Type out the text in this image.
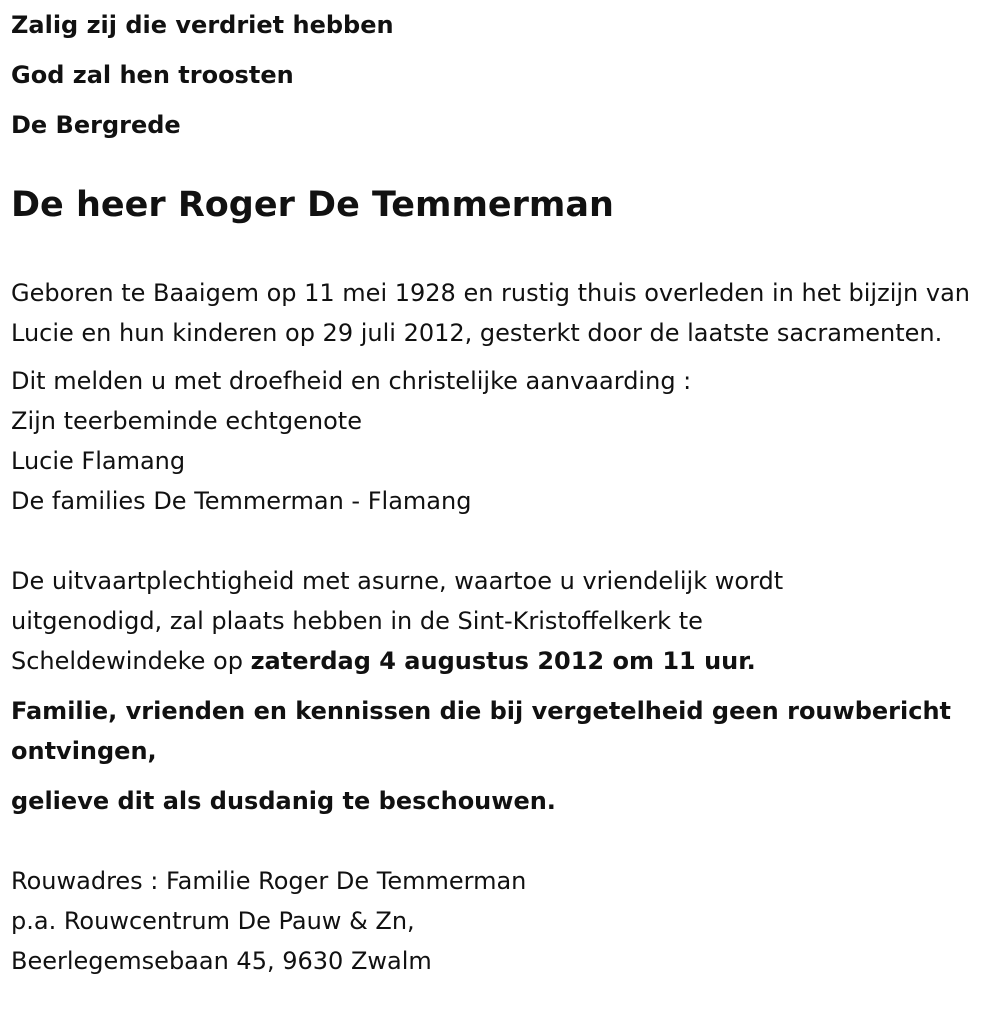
Zalig zij die verdriet hebben

God zal hen troosten

De Bergrede

De heer Roger De Temmerman

Geboren te Baaigem op 11 mei 1928 en rustig thuis overleden in het bijzijn van Lucie en hun kinderen op 29 juli 2012, gesterkt door de laatste sacramenten.

Dit melden u met droefheid en christelijke aanvaarding :
Zijn teerbeminde echtgenote
Lucie Flamang
De families De Temmerman - Flamang

De uitvaartplechtigheid met asurne, waartoe u vriendelijk wordt
uitgenodigd, zal plaats hebben in de Sint-Kristoffelkerk te
Scheldewindeke op zaterdag 4 augustus 2012 om 11 uur.

Familie, vrienden en kennissen die bij vergetelheid geen rouwbericht ontvingen,

gelieve dit als dusdanig te beschouwen.

Rouwadres : Familie Roger De Temmerman
p.a. Rouwcentrum De Pauw & Zn,
Beerlegemsebaan 45, 9630 Zwalm
